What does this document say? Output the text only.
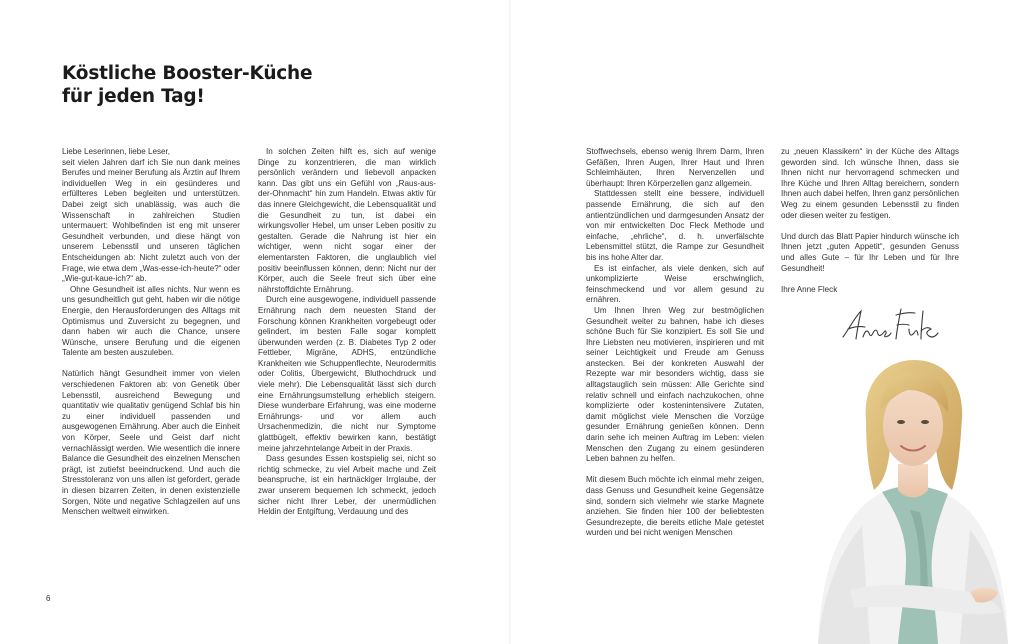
Köstliche Booster-Küche
für jeden Tag!

Liebe Leserinnen, liebe Leser,

seit vielen Jahren darf ich Sie nun dank meines Berufes und meiner Berufung als Ärztin auf Ihrem individuellen Weg in ein gesünderes und erfüllteres Leben begleiten und unterstützen. Dabei zeigt sich unablässig, was auch die Wissenschaft in zahlreichen Studien untermauert: Wohlbefinden ist eng mit unserer Gesundheit verbunden, und diese hängt von unserem Lebensstil und unseren täglichen Entscheidungen ab: Nicht zuletzt auch von der Frage, wie etwa dem „Was-esse-ich-heute?“ oder „Wie-gut-kaue-ich?“ ab.

Ohne Gesundheit ist alles nichts. Nur wenn es uns gesundheitlich gut geht, haben wir die nötige Energie, den Herausforderungen des Alltags mit Optimismus und Zuversicht zu begegnen, und dann haben wir auch die Chance, unsere Wünsche, unsere Berufung und die eigenen Talente am besten auszuleben.

Natürlich hängt Gesundheit immer von vielen verschiedenen Faktoren ab: von Genetik über Lebensstil, ausreichend Bewegung und quantitativ wie qualitativ genügend Schlaf bis hin zu einer individuell passenden und ausgewogenen Ernährung. Aber auch die Einheit von Körper, Seele und Geist darf nicht vernachlässigt werden. Wie wesentlich die innere Balance die Gesundheit des einzelnen Menschen prägt, ist zutiefst beeindruckend. Und auch die Stresstoleranz von uns allen ist gefordert, gerade in diesen bizarren Zeiten, in denen existenzielle Sorgen, Nöte und negative Schlagzeilen auf uns Menschen weltweit einwirken.

In solchen Zeiten hilft es, sich auf wenige Dinge zu konzentrieren, die man wirklich persönlich verändern und liebevoll anpacken kann. Das gibt uns ein Gefühl von „Raus-aus-der-Ohnmacht“ hin zum Handeln. Etwas aktiv für das innere Gleichgewicht, die Lebensqualität und die Gesundheit zu tun, ist dabei ein wirkungsvoller Hebel, um unser Leben positiv zu gestalten. Gerade die Nahrung ist hier ein wichtiger, wenn nicht sogar einer der elementarsten Faktoren, die unglaublich viel positiv beeinflussen können, denn: Nicht nur der Körper, auch die Seele freut sich über eine nährstoffdichte Ernährung.

Durch eine ausgewogene, individuell passende Ernährung nach dem neuesten Stand der Forschung können Krankheiten vorgebeugt oder gelindert, im besten Falle sogar komplett überwunden werden (z. B. Diabetes Typ 2 oder Fettleber, Migräne, ADHS, entzündliche Krankheiten wie Schuppenflechte, Neurodermitis oder Colitis, Übergewicht, Bluthochdruck und viele mehr). Die Lebensqualität lässt sich durch eine Ernährungsumstellung erheblich steigern. Diese wunderbare Erfahrung, was eine moderne Ernährungs- und vor allem auch Ursachenmedizin, die nicht nur Symptome glattbügelt, effektiv bewirken kann, bestätigt meine jahrzehntelange Arbeit in der Praxis.

Dass gesundes Essen kostspielig sei, nicht so richtig schmecke, zu viel Arbeit mache und Zeit beanspruche, ist ein hartnäckiger Irrglaube, der zwar unserem bequemen Ich schmeckt, jedoch sicher nicht Ihrer Leber, der unermüdlichen Heldin der Entgiftung, Verdauung und des

6

Stoffwechsels, ebenso wenig Ihrem Darm, Ihren Gefäßen, Ihren Augen, Ihrer Haut und Ihren Schleimhäuten, Ihren Nervenzellen und überhaupt: Ihren Körperzellen ganz allgemein.

Stattdessen stellt eine bessere, individuell passende Ernährung, die sich auf den antientzündlichen und darmgesunden Ansatz der von mir entwickelten Doc Fleck Methode und einfache, „ehrliche“, d. h. unverfälschte Lebensmittel stützt, die Rampe zur Gesundheit bis ins hohe Alter dar.

Es ist einfacher, als viele denken, sich auf unkomplizierte Weise erschwinglich, feinschmeckend und vor allem gesund zu ernähren.

Um Ihnen Ihren Weg zur bestmöglichen Gesundheit weiter zu bahnen, habe ich dieses schöne Buch für Sie konzipiert. Es soll Sie und Ihre Liebsten neu motivieren, inspirieren und mit seiner Leichtigkeit und Freude am Genuss anstecken. Bei der konkreten Auswahl der Rezepte war mir besonders wichtig, dass sie alltagstauglich sein müssen: Alle Gerichte sind relativ schnell und einfach nachzukochen, ohne komplizierte oder kostenintensivere Zutaten, damit möglichst viele Menschen die Vorzüge gesunder Ernährung genießen können. Denn darin sehe ich meinen Auftrag im Leben: vielen Menschen den Zugang zu einem gesünderen Leben bahnen zu helfen.

Mit diesem Buch möchte ich einmal mehr zeigen, dass Genuss und Gesundheit keine Gegensätze sind, sondern sich vielmehr wie starke Magnete anziehen. Sie finden hier 100 der beliebtesten Gesundrezepte, die bereits etliche Male getestet wurden und bei nicht wenigen Menschen

zu „neuen Klassikern“ in der Küche des Alltags geworden sind. Ich wünsche Ihnen, dass sie Ihnen nicht nur hervorragend schmecken und Ihre Küche und Ihren Alltag bereichern, sondern Ihnen auch dabei helfen, Ihren ganz persönlichen Weg zu einem gesunden Lebensstil zu finden oder diesen weiter zu festigen.

Und durch das Blatt Papier hindurch wünsche ich Ihnen jetzt „guten Appetit“, gesunden Genuss und alles Gute – für Ihr Leben und für Ihre Gesundheit!

Ihre Anne Fleck
